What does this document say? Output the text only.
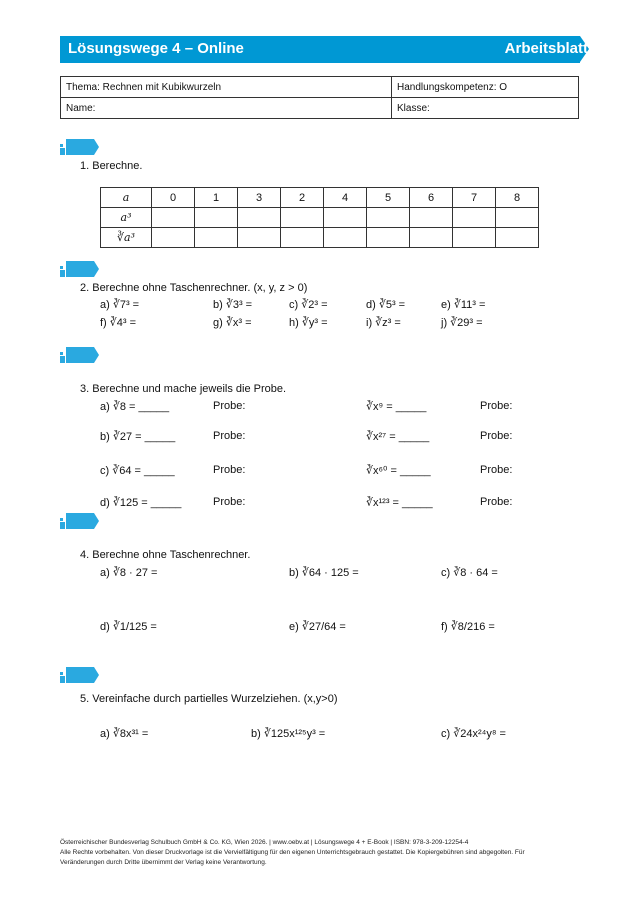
Lösungswege 4 – Online	Arbeitsblatt
Thema: Rechnen mit Kubikwurzeln	Handlungskompetenz: O
Name:	Klasse:
1. Berechne.
a	0	1	3	2	4	5	6	7	8
a³									
∛a³									
2. Berechne ohne Taschenrechner. (x, y, z > 0)
a) ∛7³ =	b) ∛3³ =	c) ∛2³ =	d) ∛5³ =	e) ∛11³ =
f) ∛4³ =	g) ∛x³ =	h) ∛y³ =	i) ∛z³ =	j) ∛29³ =
3. Berechne und mache jeweils die Probe.
a) ∛8 = _____	Probe:	∛x⁹ = _____	Probe:
b) ∛27 = _____	Probe:	∛x²⁷ = _____	Probe:
c) ∛64 = _____	Probe:	∛x⁶⁰ = _____	Probe:
d) ∛125 = _____	Probe:	∛x¹²³ = _____	Probe:
4. Berechne ohne Taschenrechner.
a) ∛8 · 27 =	b) ∛64 · 125 =	c) ∛8 · 64 =
d) ∛1/125 =	e) ∛27/64 =	f) ∛8/216 =
5. Vereinfache durch partielles Wurzelziehen. (x,y>0)
a) ∛8x³¹ =	b) ∛125x¹²⁵y³ =	c) ∛24x²⁴y⁸ =
Österreichischer Bundesverlag Schulbuch GmbH & Co. KG, Wien 2026. | www.oebv.at | Lösungswege 4 + E-Book | ISBN: 978-3-209-12254-4
Alle Rechte vorbehalten. Von dieser Druckvorlage ist die Vervielfältigung für den eigenen Unterrichtsgebrauch gestattet. Die Kopiergebühren sind abgegolten. Für
Veränderungen durch Dritte übernimmt der Verlag keine Verantwortung.
